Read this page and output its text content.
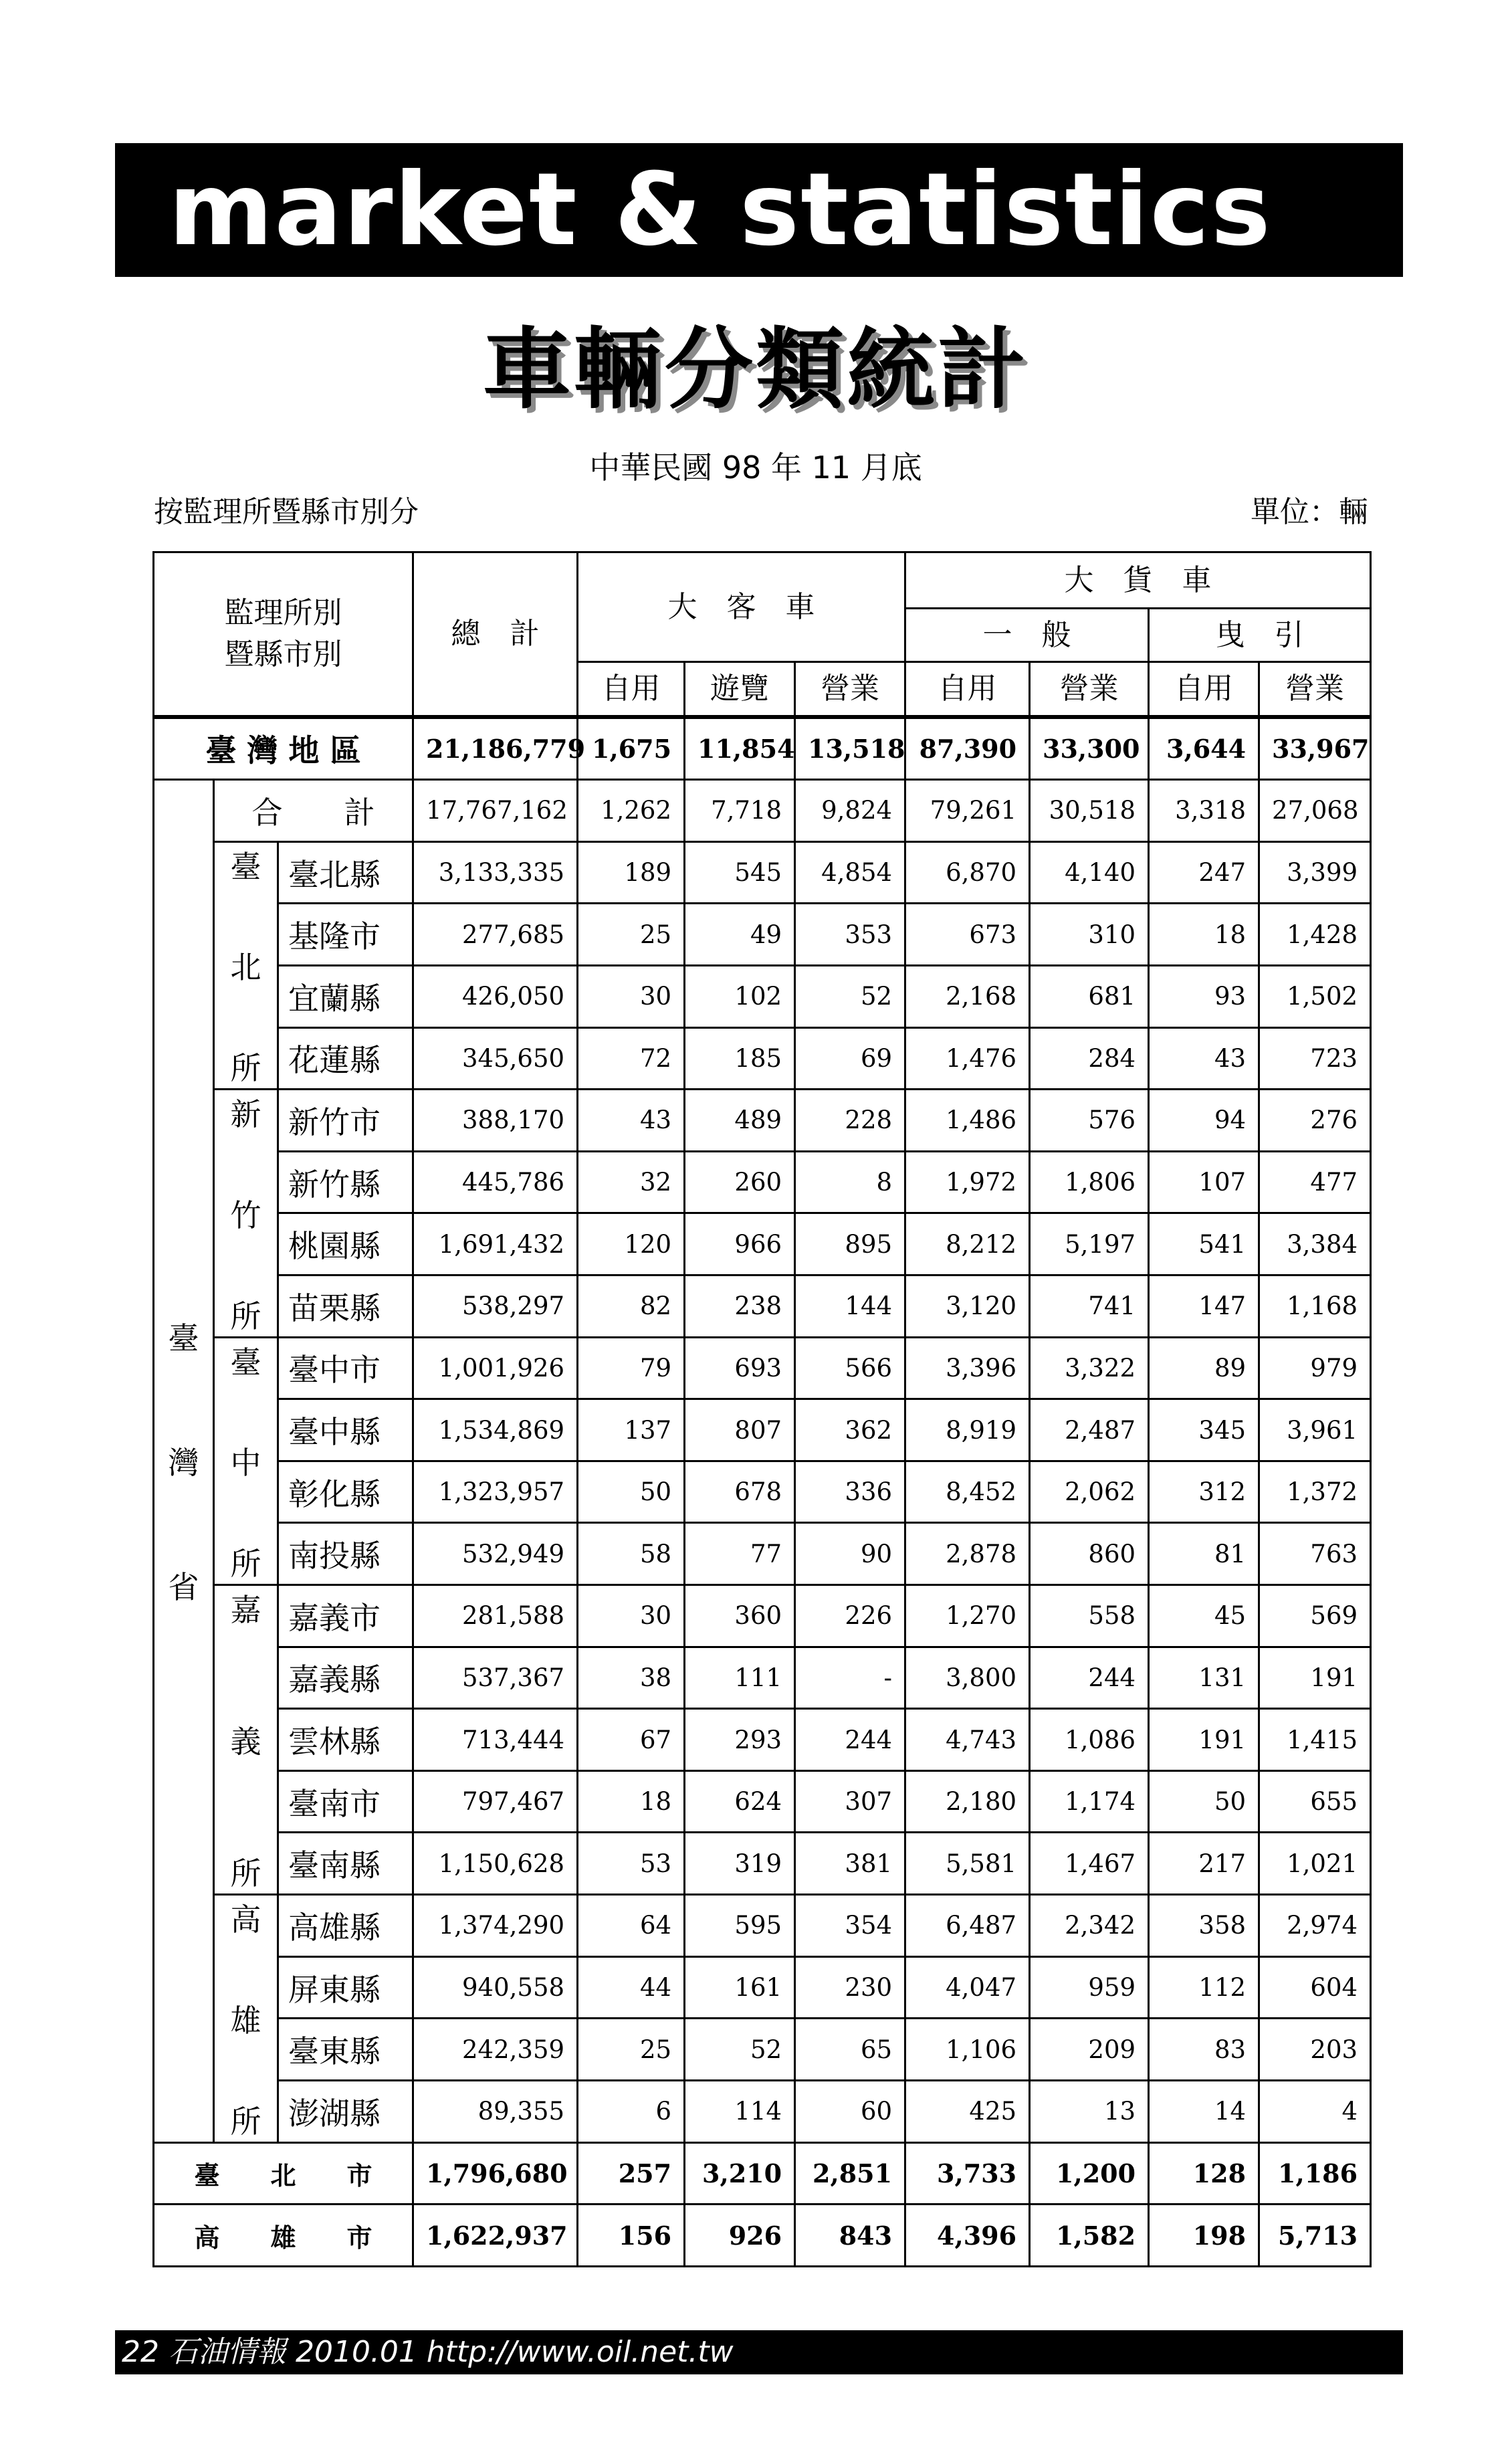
market & statistics
車輛分類統計
中華民國 98 年 11 月底
按監理所暨縣市別分	單位：輛
監理所別
暨縣市別			總　計	大　客　車			大　貨　車			
							一　般		曳　引	
				自用	遊覽	營業	自用	營業	自用	營業
臺 灣 地 區			21,186,779	1,675	11,854	13,518	87,390	33,300	3,644	33,967

臺
灣
省	合　　計		17,767,162	1,262	7,718	9,824	79,261	30,518	3,318	27,068

	臺
北
所	臺北縣	3,133,335	189	545	4,854	6,870	4,140	247	3,399
		基隆市	277,685	25	49	353	673	310	18	1,428
		宜蘭縣	426,050	30	102	52	2,168	681	93	1,502
		花蓮縣	345,650	72	185	69	1,476	284	43	723

	新
竹
所	新竹市	388,170	43	489	228	1,486	576	94	276
		新竹縣	445,786	32	260	8	1,972	1,806	107	477
		桃園縣	1,691,432	120	966	895	8,212	5,197	541	3,384
		苗栗縣	538,297	82	238	144	3,120	741	147	1,168

	臺
中
所	臺中市	1,001,926	79	693	566	3,396	3,322	89	979
		臺中縣	1,534,869	137	807	362	8,919	2,487	345	3,961
		彰化縣	1,323,957	50	678	336	8,452	2,062	312	1,372
		南投縣	532,949	58	77	90	2,878	860	81	763

	嘉
義
所	嘉義市	281,588	30	360	226	1,270	558	45	569
		嘉義縣	537,367	38	111	-	3,800	244	131	191
		雲林縣	713,444	67	293	244	4,743	1,086	191	1,415
		臺南市	797,467	18	624	307	2,180	1,174	50	655
		臺南縣	1,150,628	53	319	381	5,581	1,467	217	1,021

	高
雄
所	高雄縣	1,374,290	64	595	354	6,487	2,342	358	2,974
		屏東縣	940,558	44	161	230	4,047	959	112	604
		臺東縣	242,359	25	52	65	1,106	209	83	203
		澎湖縣	89,355	6	114	60	425	13	14	4
臺　　北　　市			1,796,680	257	3,210	2,851	3,733	1,200	128	1,186
高　　雄　　市			1,622,937	156	926	843	4,396	1,582	198	5,713
22 石油情報 2010.01 http://www.oil.net.tw
